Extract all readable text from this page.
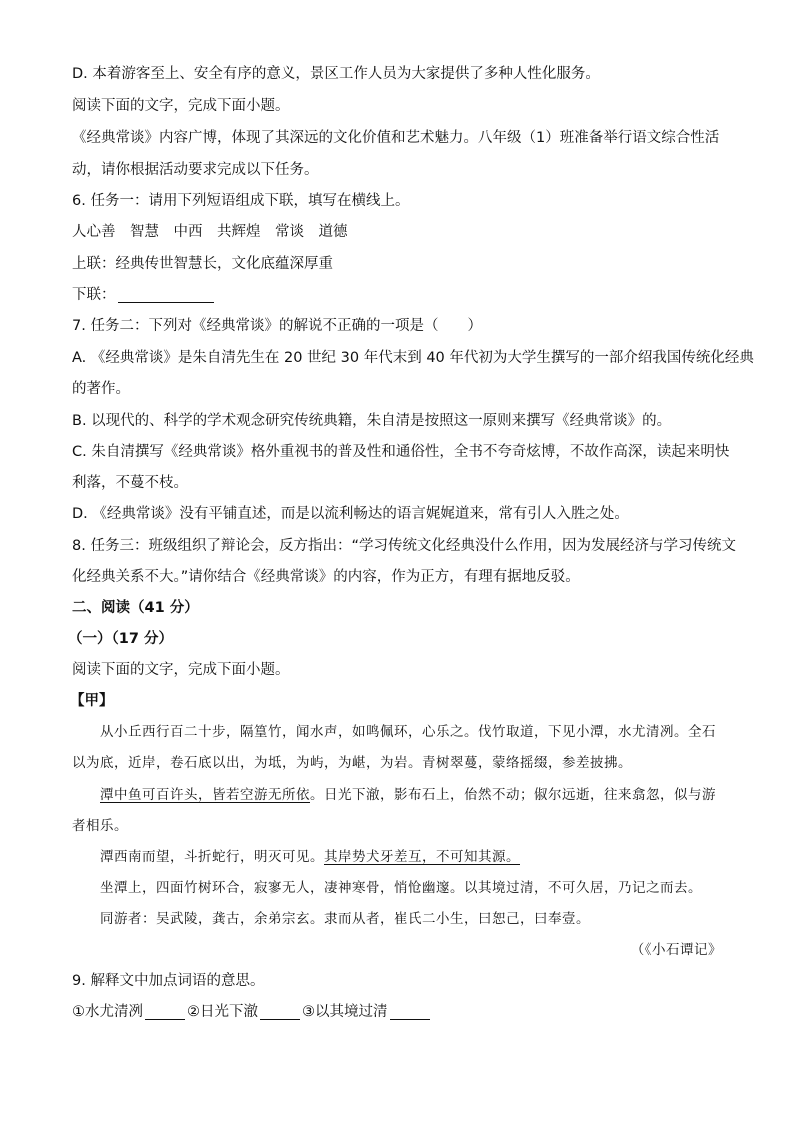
D. 本着游客至上、安全有序的意义，景区工作人员为大家提供了多种人性化服务。
阅读下面的文字，完成下面小题。
《经典常谈》内容广博，体现了其深远的文化价值和艺术魅力。八年级（1）班准备举行语文综合性活
动，请你根据活动要求完成以下任务。
6. 任务一：请用下列短语组成下联，填写在横线上。
人心善　智慧　中西　共辉煌　常谈　道德
上联：经典传世智慧长，文化底蕴深厚重
下联：
7. 任务二：下列对《经典常谈》的解说不正确的一项是（　　）
A. 《经典常谈》是朱自清先生在 20 世纪 30 年代末到 40 年代初为大学生撰写的一部介绍我国传统化经典
的著作。
B. 以现代的、科学的学术观念研究传统典籍，朱自清是按照这一原则来撰写《经典常谈》的。
C. 朱自清撰写《经典常谈》格外重视书的普及性和通俗性，全书不夸奇炫博，不故作高深，读起来明快
利落，不蔓不枝。
D. 《经典常谈》没有平铺直述，而是以流利畅达的语言娓娓道来，常有引人入胜之处。
8. 任务三：班级组织了辩论会，反方指出：“学习传统文化经典没什么作用，因为发展经济与学习传统文
化经典关系不大。”请你结合《经典常谈》的内容，作为正方，有理有据地反驳。
二、阅读（41 分）
（一）（17 分）
阅读下面的文字，完成下面小题。
【甲】
从小丘西行百二十步，隔篁竹，闻水声，如鸣佩环，心乐之。伐竹取道，下见小潭，水尤清冽。全石
以为底，近岸，卷石底以出，为坻，为屿，为嵁，为岩。青树翠蔓，蒙络摇缀，参差披拂。
潭中鱼可百许头，皆若空游无所依。日光下澈，影布石上，佁然不动；俶尔远逝，往来翕忽，似与游
者相乐。
潭西南而望，斗折蛇行，明灭可见。其岸势犬牙差互，不可知其源。
坐潭上，四面竹树环合，寂寥无人，凄神寒骨，悄怆幽邃。以其境过清，不可久居，乃记之而去。
同游者：吴武陵，龚古，余弟宗玄。隶而从者，崔氏二小生，曰恕己，曰奉壹。
（《小石谭记》
9. 解释文中加点词语的意思。
①水尤清冽	②日光下澈	③以其境过清
